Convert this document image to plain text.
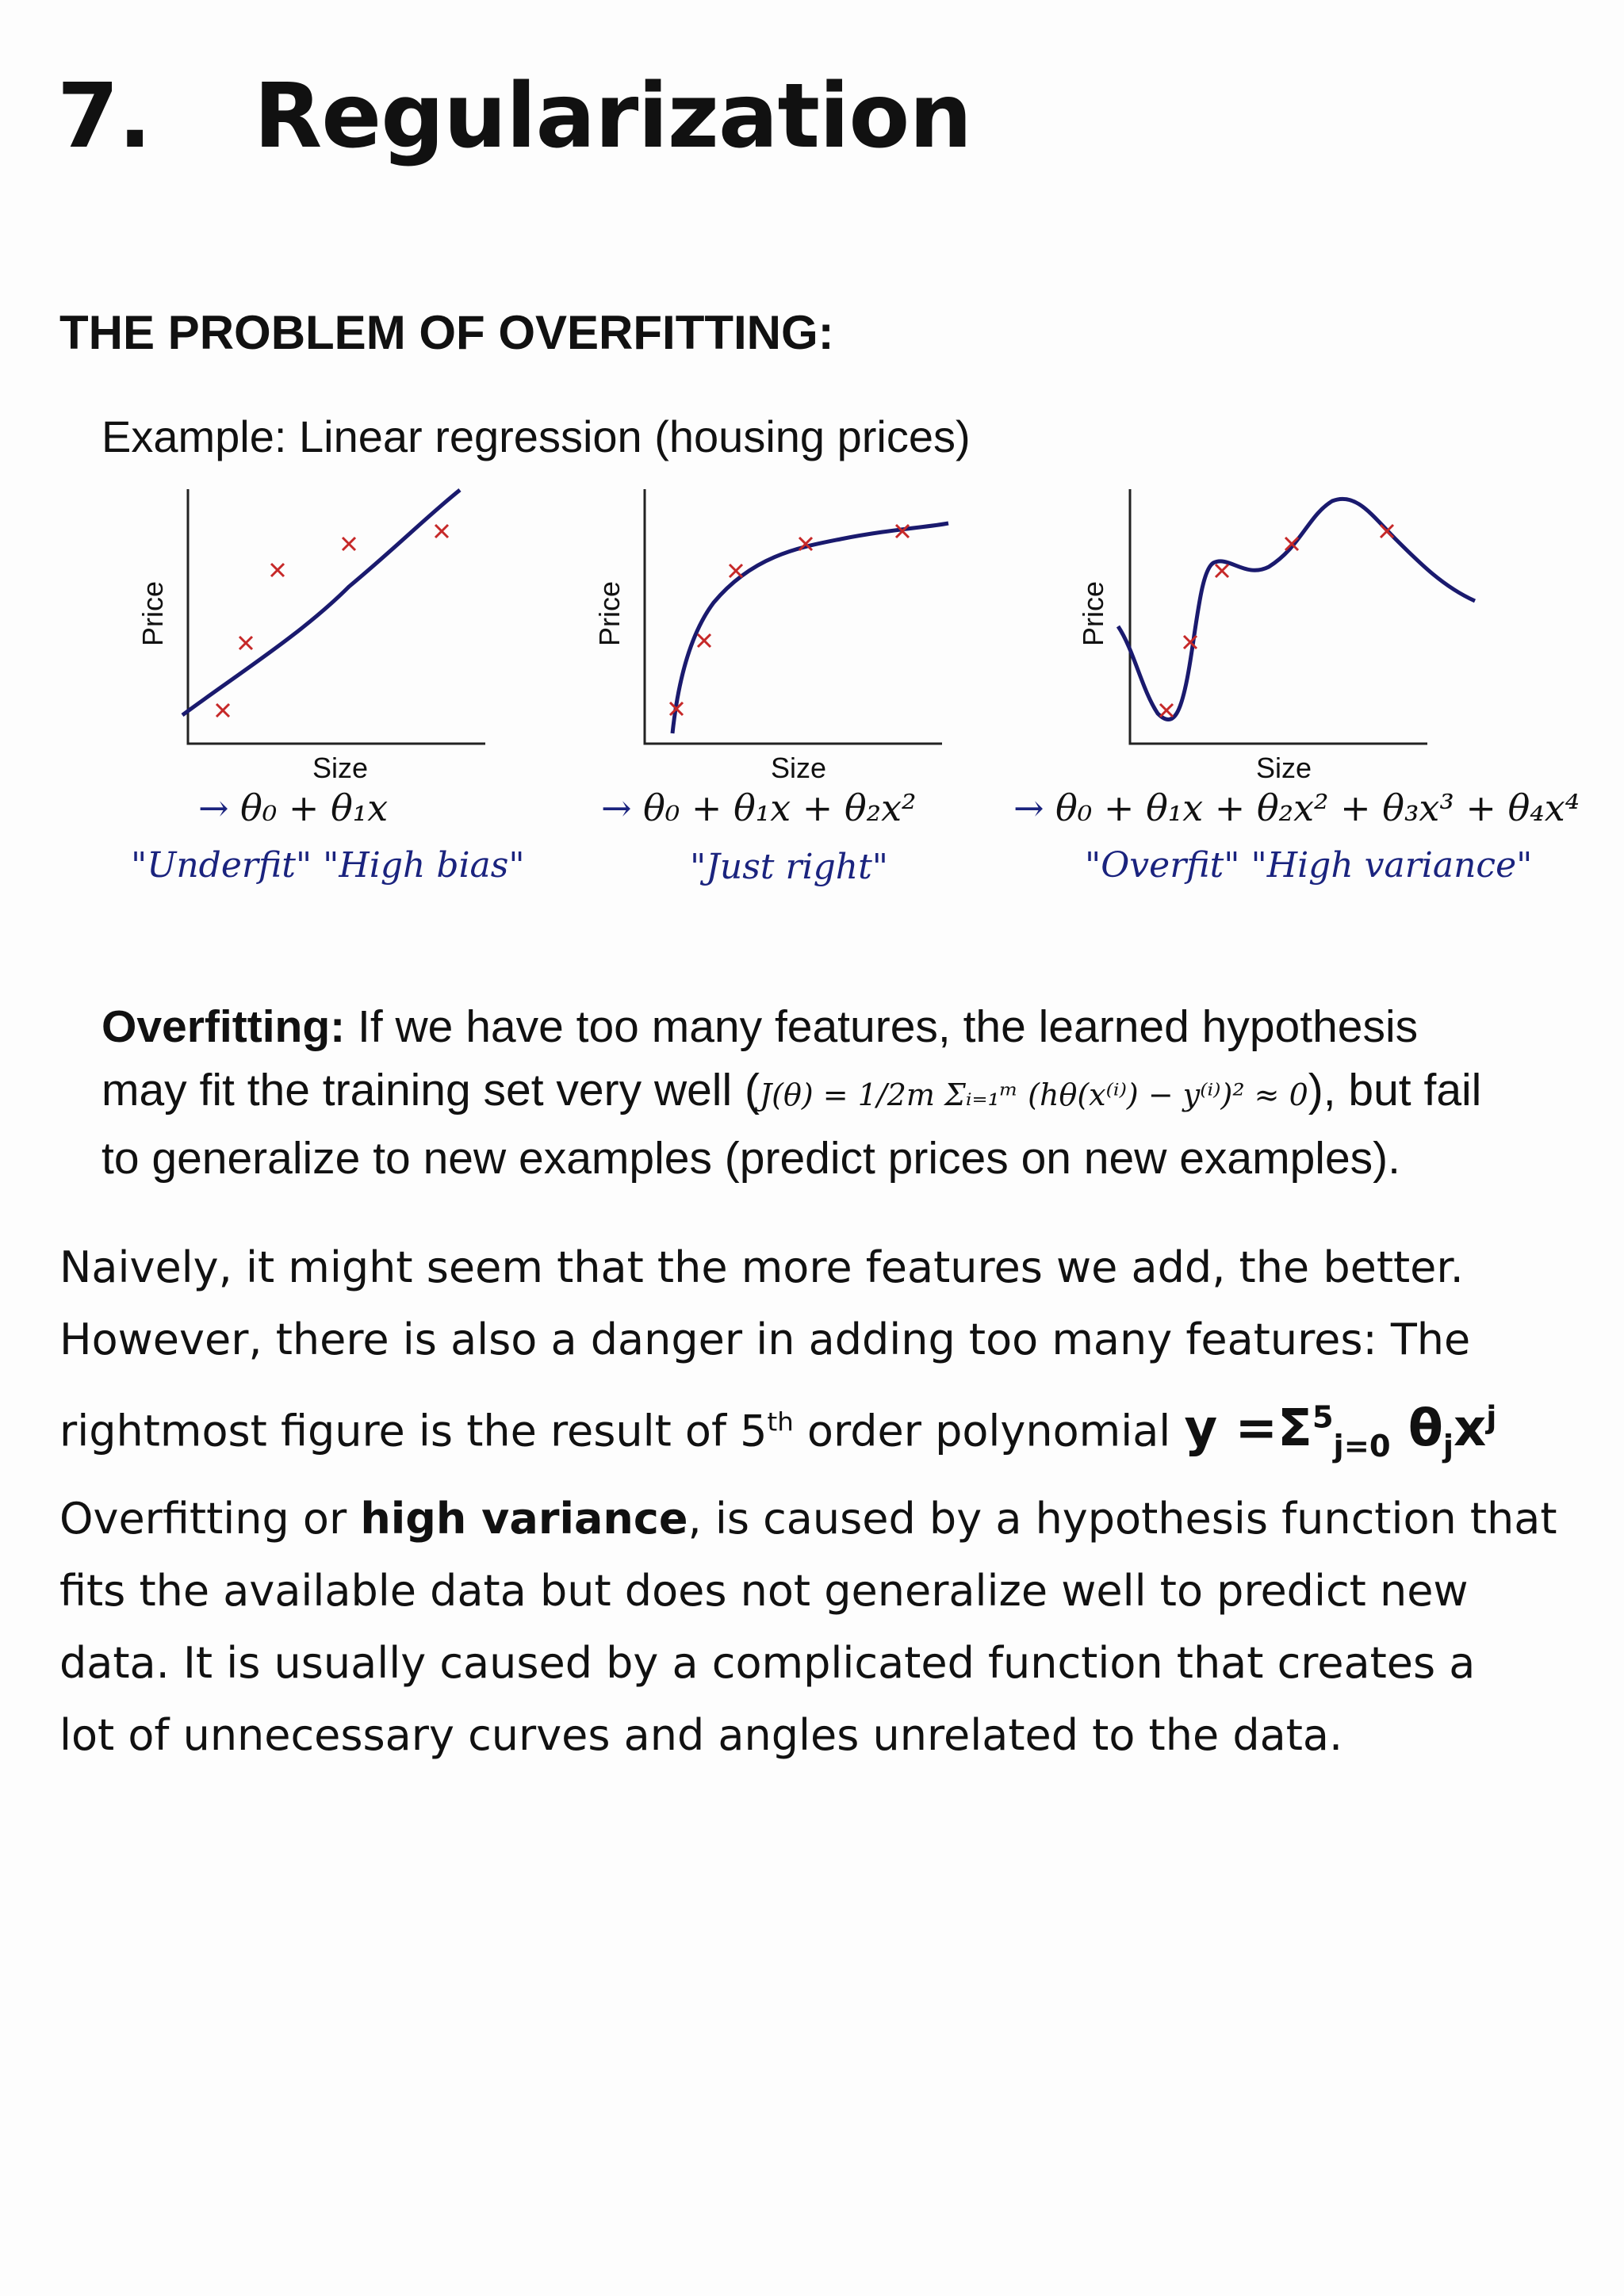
7. Regularization
THE PROBLEM OF OVERFITTING:
Example: Linear regression (housing prices)
Price
Size
Price
Size
Price
Size
→ θ₀ + θ₁x	→ θ₀ + θ₁x + θ₂x²	→ θ₀ + θ₁x + θ₂x² + θ₃x³ + θ₄x⁴
"Underfit" "High bias"	"Just right"	"Overfit" "High variance"
Overfitting: If we have too many features, the learned hypothesis
may fit the training set very well (J(θ) = 1/2m Σᵢ₌₁ᵐ (hθ(x⁽ⁱ⁾) − y⁽ⁱ⁾)² ≈ 0), but fail
to generalize to new examples (predict prices on new examples).
Naively, it might seem that the more features we add, the better.
However, there is also a danger in adding too many features: The
rightmost figure is the result of 5th order polynomial $y =\Sigma^5_{j=0}$ $\theta_jx^j$
Overfitting or high variance, is caused by a hypothesis function that
fits the available data but does not generalize well to predict new
data. It is usually caused by a complicated function that creates a
lot of unnecessary curves and angles unrelated to the data.
